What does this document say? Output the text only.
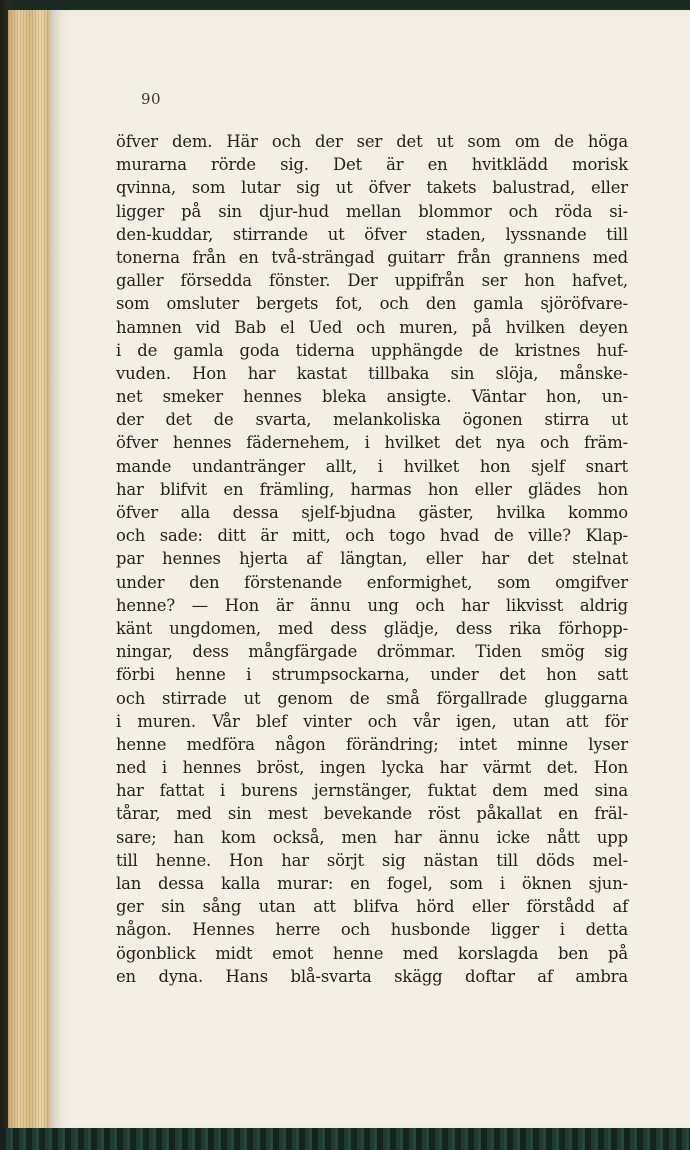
90
öfver dem. Här och der ser det ut som om de höga
murarna rörde sig. Det är en hvitklädd morisk
qvinna, som lutar sig ut öfver takets balustrad, eller
ligger på sin djur-hud mellan blommor och röda si-
den-kuddar, stirrande ut öfver staden, lyssnande till
tonerna från en två-strängad guitarr från grannens med
galler försedda fönster. Der uppifrån ser hon hafvet,
som omsluter bergets fot, och den gamla sjöröfvare-
hamnen vid Bab el Ued och muren, på hvilken deyen
i de gamla goda tiderna upphängde de kristnes huf-
vuden. Hon har kastat tillbaka sin slöja, månske-
net smeker hennes bleka ansigte. Väntar hon, un-
der det de svarta, melankoliska ögonen stirra ut
öfver hennes fädernehem, i hvilket det nya och främ-
mande undantränger allt, i hvilket hon sjelf snart
har blifvit en främling, harmas hon eller glädes hon
öfver alla dessa sjelf-bjudna gäster, hvilka kommo
och sade: ditt är mitt, och togo hvad de ville? Klap-
par hennes hjerta af längtan, eller har det stelnat
under den förstenande enformighet, som omgifver
henne? — Hon är ännu ung och har likvisst aldrig
känt ungdomen, med dess glädje, dess rika förhopp-
ningar, dess mångfärgade drömmar. Tiden smög sig
förbi henne i strumpsockarna, under det hon satt
och stirrade ut genom de små förgallrade gluggarna
i muren. Vår blef vinter och vår igen, utan att för
henne medföra någon förändring; intet minne lyser
ned i hennes bröst, ingen lycka har värmt det. Hon
har fattat i burens jernstänger, fuktat dem med sina
tårar, med sin mest bevekande röst påkallat en fräl-
sare; han kom också, men har ännu icke nått upp
till henne. Hon har sörjt sig nästan till döds mel-
lan dessa kalla murar: en fogel, som i öknen sjun-
ger sin sång utan att blifva hörd eller förstådd af
någon. Hennes herre och husbonde ligger i detta
ögonblick midt emot henne med korslagda ben på
en dyna. Hans blå-svarta skägg doftar af ambra
